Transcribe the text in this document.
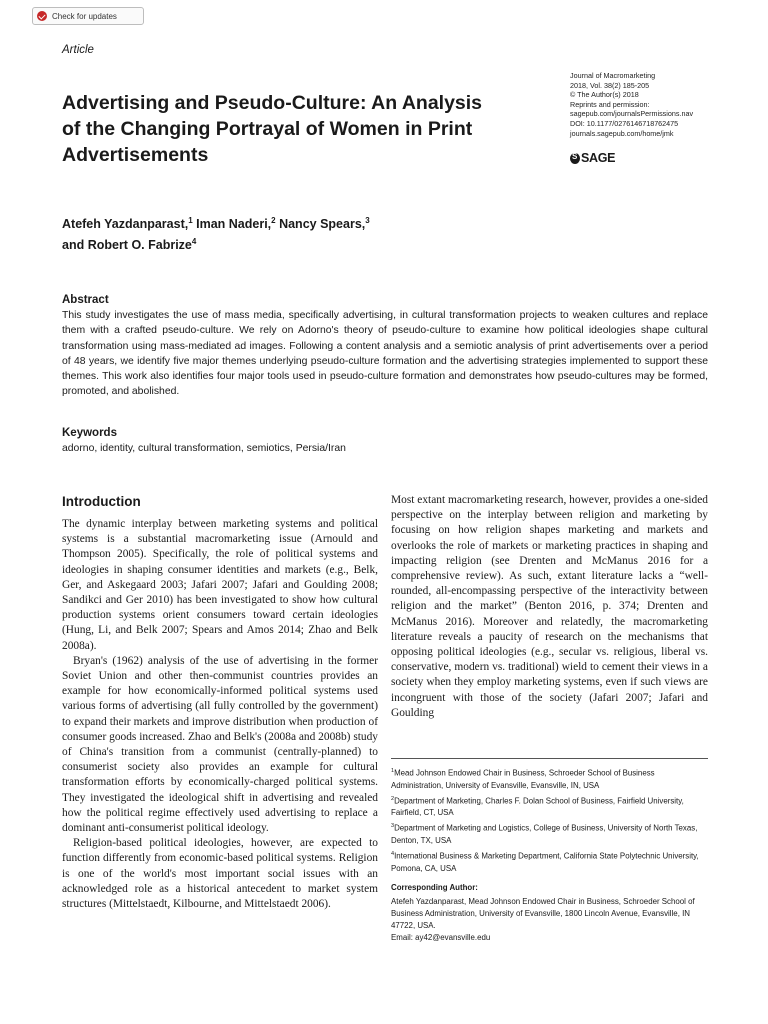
Check for updates
Article
Advertising and Pseudo-Culture: An Analysis of the Changing Portrayal of Women in Print Advertisements
Journal of Macromarketing
2018, Vol. 38(2) 185-205
© The Author(s) 2018
Reprints and permission:
sagepub.com/journalsPermissions.nav
DOI: 10.1177/0276146718762475
journals.sagepub.com/home/jmk
S
SAGE
Atefeh Yazdanparast,$^1$ Iman Naderi,$^2$ Nancy Spears,$^3$
and Robert O. Fabrize$^4$
Abstract
This study investigates the use of mass media, specifically advertising, in cultural transformation projects to weaken cultures and replace them with a crafted pseudo-culture. We rely on Adorno's theory of pseudo-culture to examine how political ideologies shape cultural transformation using mass-mediated ad images. Following a content analysis and a semiotic analysis of print advertisements over a period of 48 years, we identify five major themes underlying pseudo-culture formation and the advertising strategies implemented to support these themes. This work also identifies four major tools used in pseudo-culture formation and demonstrates how pseudo-cultures may be formed, promoted, and abolished.
Keywords
adorno, identity, cultural transformation, semiotics, Persia/Iran
Introduction

The dynamic interplay between marketing systems and political systems is a substantial macromarketing issue (Arnould and Thompson 2005). Specifically, the role of political systems and ideologies in shaping consumer identities and markets (e.g., Belk, Ger, and Askegaard 2003; Jafari 2007; Jafari and Goulding 2008; Sandikci and Ger 2010) has been investigated to show how cultural production systems orient consumers toward certain ideologies (Hung, Li, and Belk 2007; Spears and Amos 2014; Zhao and Belk 2008a).

Bryan's (1962) analysis of the use of advertising in the former Soviet Union and other then-communist countries provides an example for how economically-informed political systems used various forms of advertising (all fully controlled by the government) to expand their markets and improve distribution when production of consumer goods increased. Zhao and Belk's (2008a and 2008b) study of China's transition from a communist (centrally-planned) to consumerist society also provides an example for cultural transformation efforts by economically-charged political systems. They investigated the ideological shift in advertising and revealed how the political regime effectively used advertising to replace a dominant anti-consumerist political ideology.

Religion-based political ideologies, however, are expected to function differently from economic-based political systems. Religion is one of the world's most important social issues with an acknowledged role as a historical antecedent to market system structures (Mittelstaedt, Kilbourne, and Mittelstaedt 2006).

Most extant macromarketing research, however, provides a one-sided perspective on the interplay between religion and marketing by focusing on how religion shapes marketing and markets and overlooks the role of markets or marketing practices in shaping and impacting religion (see Drenten and McManus 2016 for a comprehensive review). As such, extant literature lacks a “well-rounded, all-encompassing perspective of the interactivity between religion and the market” (Benton 2016, p. 374; Drenten and McManus 2016). Moreover and relatedly, the macromarketing literature reveals a paucity of research on the mechanisms that opposing political ideologies (e.g., secular vs. religious, liberal vs. conservative, modern vs. traditional) wield to cement their views in a society when they employ marketing systems, even if such views are incongruent with those of the society (Jafari 2007; Jafari and Goulding

$^1$Mead Johnson Endowed Chair in Business, Schroeder School of Business Administration, University of Evansville, Evansville, IN, USA
$^2$Department of Marketing, Charles F. Dolan School of Business, Fairfield University, Fairfield, CT, USA
$^3$Department of Marketing and Logistics, College of Business, University of North Texas, Denton, TX, USA
$^4$International Business & Marketing Department, California State Polytechnic University, Pomona, CA, USA
Corresponding Author:
Atefeh Yazdanparast, Mead Johnson Endowed Chair in Business, Schroeder School of Business Administration, University of Evansville, 1800 Lincoln Avenue, Evansville, IN 47722, USA.
Email: ay42@evansville.edu
